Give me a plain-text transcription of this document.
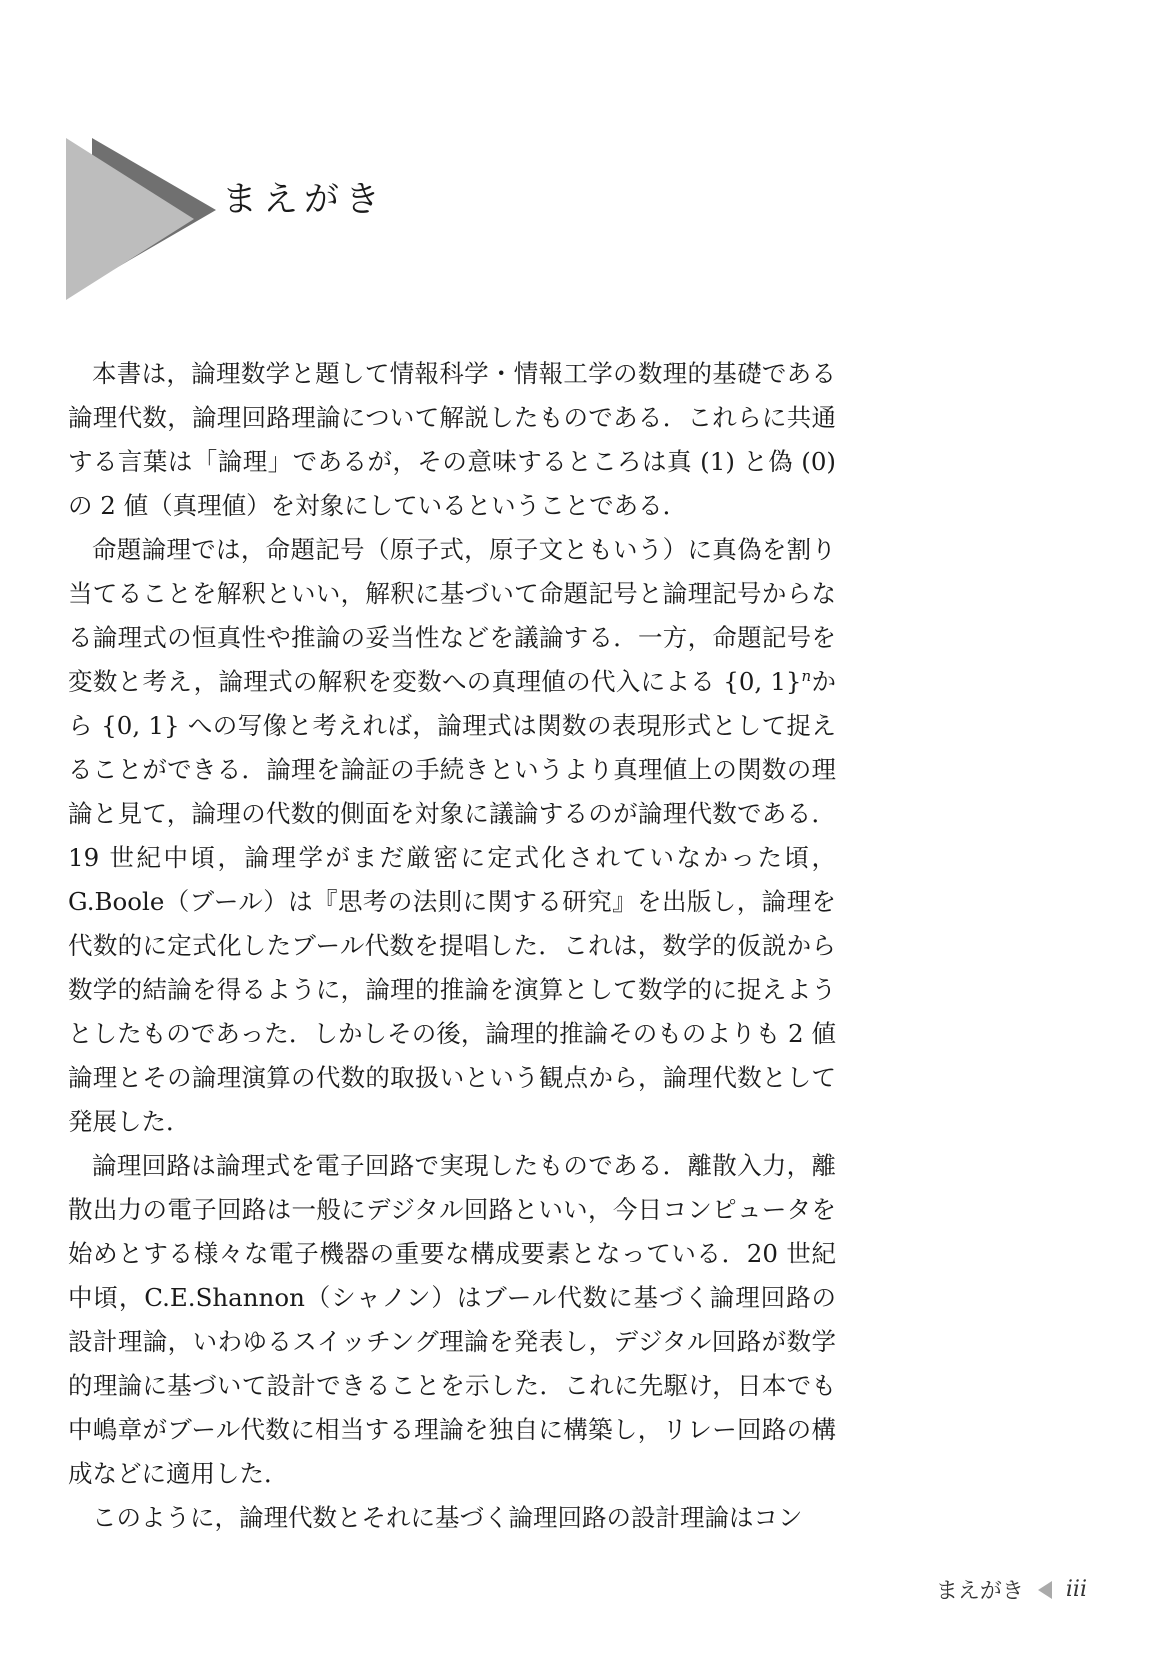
まえがき

本書は，論理数学と題して情報科学・情報工学の数理的基礎である論理代数，論理回路理論について解説したものである．これらに共通する言葉は「論理」であるが，その意味するところは真 (1) と偽 (0) の 2 値（真理値）を対象にしているということである．

命題論理では，命題記号（原子式，原子文ともいう）に真偽を割り当てることを解釈といい，解釈に基づいて命題記号と論理記号からなる論理式の恒真性や推論の妥当性などを議論する．一方，命題記号を変数と考え，論理式の解釈を変数への真理値の代入による {0, 1}$^n$から {0, 1} への写像と考えれば，論理式は関数の表現形式として捉えることができる．論理を論証の手続きというより真理値上の関数の理論と見て，論理の代数的側面を対象に議論するのが論理代数である．19 世紀中頃，論理学がまだ厳密に定式化されていなかった頃，G.Boole（ブール）は『思考の法則に関する研究』を出版し，論理を代数的に定式化したブール代数を提唱した．これは，数学的仮説から数学的結論を得るように，論理的推論を演算として数学的に捉えようとしたものであった．しかしその後，論理的推論そのものよりも 2 値論理とその論理演算の代数的取扱いという観点から，論理代数として発展した．

論理回路は論理式を電子回路で実現したものである．離散入力，離散出力の電子回路は一般にデジタル回路といい，今日コンピュータを始めとする様々な電子機器の重要な構成要素となっている．20 世紀中頃，C.E.Shannon（シャノン）はブール代数に基づく論理回路の設計理論，いわゆるスイッチング理論を発表し，デジタル回路が数学的理論に基づいて設計できることを示した．これに先駆け，日本でも中嶋章がブール代数に相当する理論を独自に構築し，リレー回路の構成などに適用した．

このように，論理代数とそれに基づく論理回路の設計理論はコン

まえがき iii
